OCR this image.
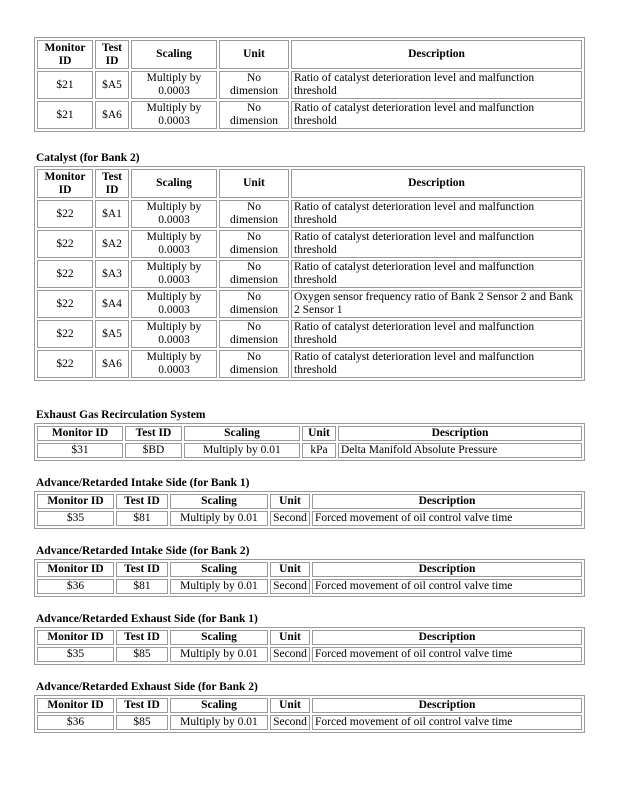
Monitor ID	Test ID	Scaling	Unit	Description
$21	$A5	Multiply by 0.0003	No dimension	Ratio of catalyst deterioration level and malfunction threshold
$21	$A6	Multiply by 0.0003	No dimension	Ratio of catalyst deterioration level and malfunction threshold
Catalyst (for Bank 2)
Monitor ID	Test ID	Scaling	Unit	Description
$22	$A1	Multiply by 0.0003	No dimension	Ratio of catalyst deterioration level and malfunction threshold
$22	$A2	Multiply by 0.0003	No dimension	Ratio of catalyst deterioration level and malfunction threshold
$22	$A3	Multiply by 0.0003	No dimension	Ratio of catalyst deterioration level and malfunction threshold
$22	$A4	Multiply by 0.0003	No dimension	Oxygen sensor frequency ratio of Bank 2 Sensor 2 and Bank 2 Sensor 1
$22	$A5	Multiply by 0.0003	No dimension	Ratio of catalyst deterioration level and malfunction threshold
$22	$A6	Multiply by 0.0003	No dimension	Ratio of catalyst deterioration level and malfunction threshold
Exhaust Gas Recirculation System
Monitor ID	Test ID	Scaling	Unit	Description
$31	$BD	Multiply by 0.01	kPa	Delta Manifold Absolute Pressure
Advance/Retarded Intake Side (for Bank 1)
Monitor ID	Test ID	Scaling	Unit	Description
$35	$81	Multiply by 0.01	Second	Forced movement of oil control valve time
Advance/Retarded Intake Side (for Bank 2)
Monitor ID	Test ID	Scaling	Unit	Description
$36	$81	Multiply by 0.01	Second	Forced movement of oil control valve time
Advance/Retarded Exhaust Side (for Bank 1)
Monitor ID	Test ID	Scaling	Unit	Description
$35	$85	Multiply by 0.01	Second	Forced movement of oil control valve time
Advance/Retarded Exhaust Side (for Bank 2)
Monitor ID	Test ID	Scaling	Unit	Description
$36	$85	Multiply by 0.01	Second	Forced movement of oil control valve time
